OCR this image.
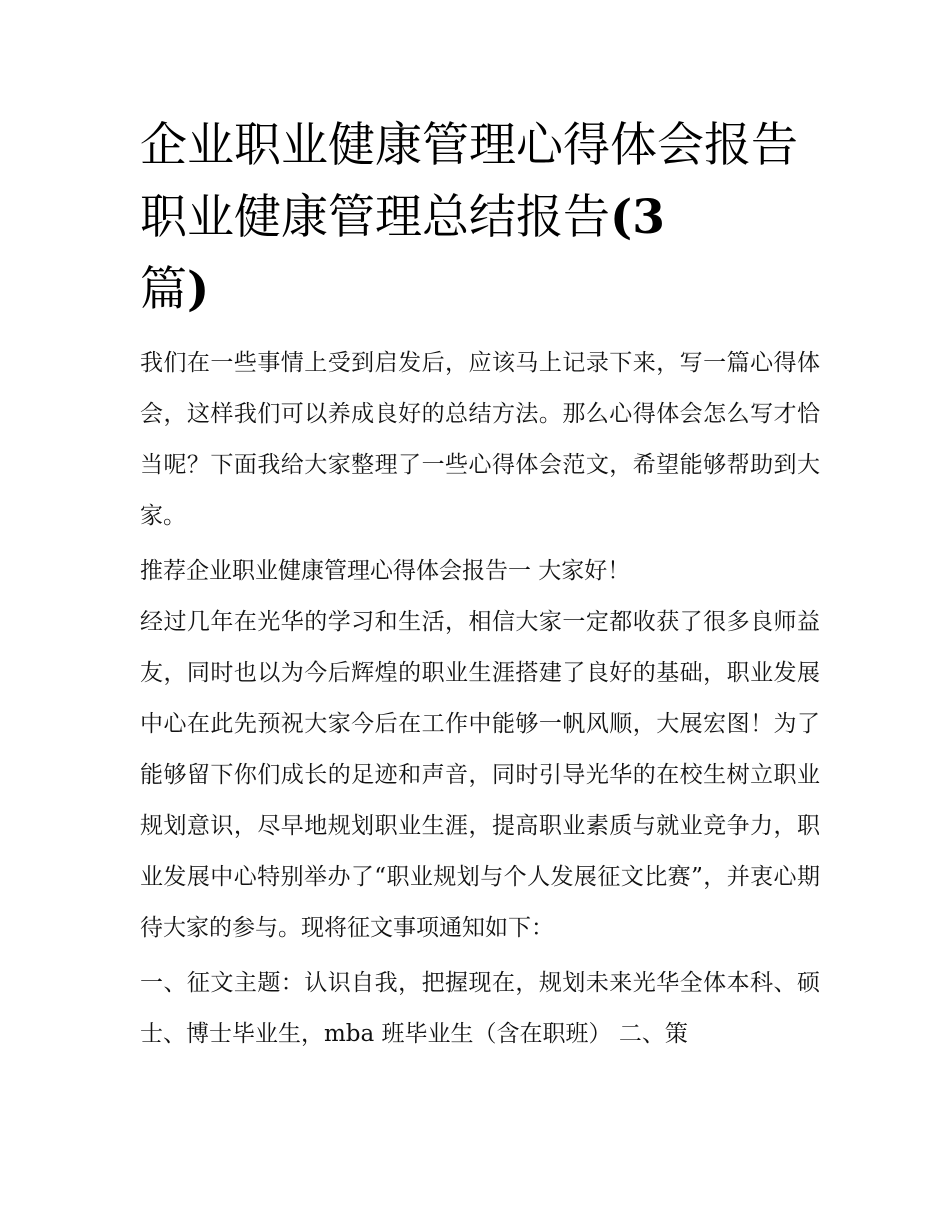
企业职业健康管理心得体会报告 职业健康管理总结报告(3
篇)

我们在一些事情上受到启发后，应该马上记录下来，写一篇心得体会，这样我们可以养成良好的总结方法。那么心得体会怎么写才恰当呢？下面我给大家整理了一些心得体会范文，希望能够帮助到大家。

推荐企业职业健康管理心得体会报告一 大家好！

经过几年在光华的学习和生活，相信大家一定都收获了很多良师益友，同时也以为今后辉煌的职业生涯搭建了良好的基础，职业发展中心在此先预祝大家今后在工作中能够一帆风顺，大展宏图！为了能够留下你们成长的足迹和声音，同时引导光华的在校生树立职业规划意识，尽早地规划职业生涯，提高职业素质与就业竞争力，职业发展中心特别举办了“职业规划与个人发展征文比赛”，并衷心期待大家的参与。现将征文事项通知如下：

一、征文主题：认识自我，把握现在，规划未来光华全体本科、硕士、博士毕业生，mba 班毕业生（含在职班） 二、策
